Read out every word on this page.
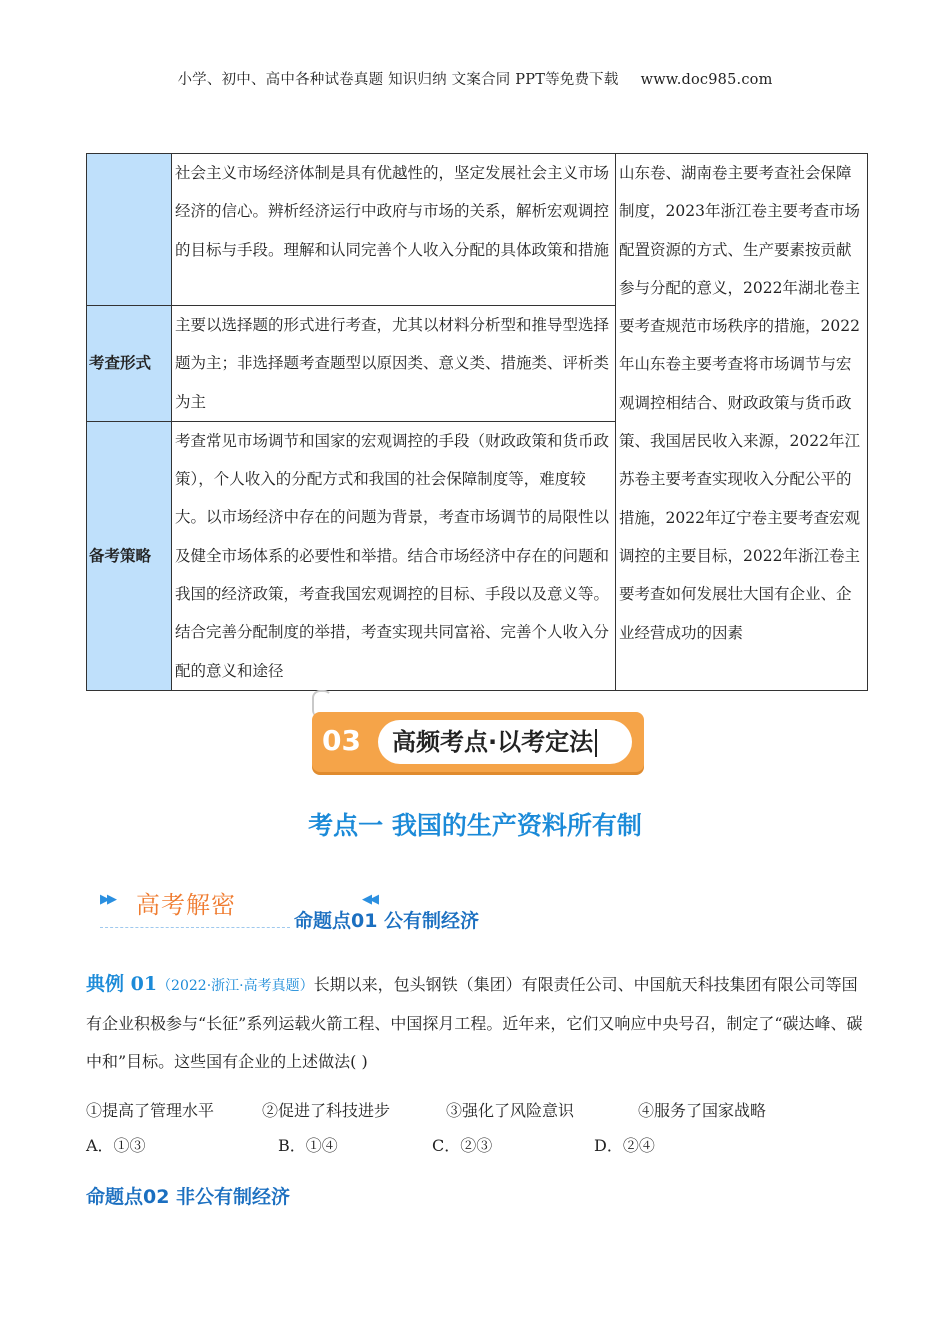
小学、初中、高中各种试卷真题 知识归纳 文案合同 PPT等免费下载 www.doc985.com
	社会主义市场经济体制是具有优越性的，坚定发展社会主义市场经济的信心。辨析经济运行中政府与市场的关系，解析宏观调控的目标与手段。理解和认同完善个人收入分配的具体政策和措施	山东卷、湖南卷主要考查社会保障制度，2023年浙江卷主要考查市场配置资源的方式、生产要素按贡献参与分配的意义，2022年湖北卷主要考查规范市场秩序的措施，2022年山东卷主要考查将市场调节与宏观调控相结合、财政政策与货币政策、我国居民收入来源，2022年江苏卷主要考查实现收入分配公平的措施，2022年辽宁卷主要考查宏观调控的主要目标，2022年浙江卷主要考查如何发展壮大国有企业、企业经营成功的因素
考查形式	主要以选择题的形式进行考查，尤其以材料分析型和推导型选择题为主；非选择题考查题型以原因类、意义类、措施类、评析类为主	
备考策略	考查常见市场调节和国家的宏观调控的手段（财政政策和货币政策），个人收入的分配方式和我国的社会保障制度等，难度较大。以市场经济中存在的问题为背景，考查市场调节的局限性以及健全市场体系的必要性和举措。结合市场经济中存在的问题和我国的经济政策，考查我国宏观调控的目标、手段以及意义等。结合完善分配制度的举措，考查实现共同富裕、完善个人收入分配的意义和途径	
03	高频考点·以考定法
考点一 我国的生产资料所有制
▶▶ 高考解密	◀◀
命题点01 公有制经济
典例 01（2022·浙江·高考真题）长期以来，包头钢铁（集团）有限责任公司、中国航天科技集团有限公司等国有企业积极参与“长征”系列运载火箭工程、中国探月工程。近年来，它们又响应中央号召，制定了“碳达峰、碳中和”目标。这些国有企业的上述做法( )
①提高了管理水平	②促进了科技进步	③强化了风险意识	④服务了国家战略
A．①③	B．①④	C．②③	D．②④
命题点02 非公有制经济
